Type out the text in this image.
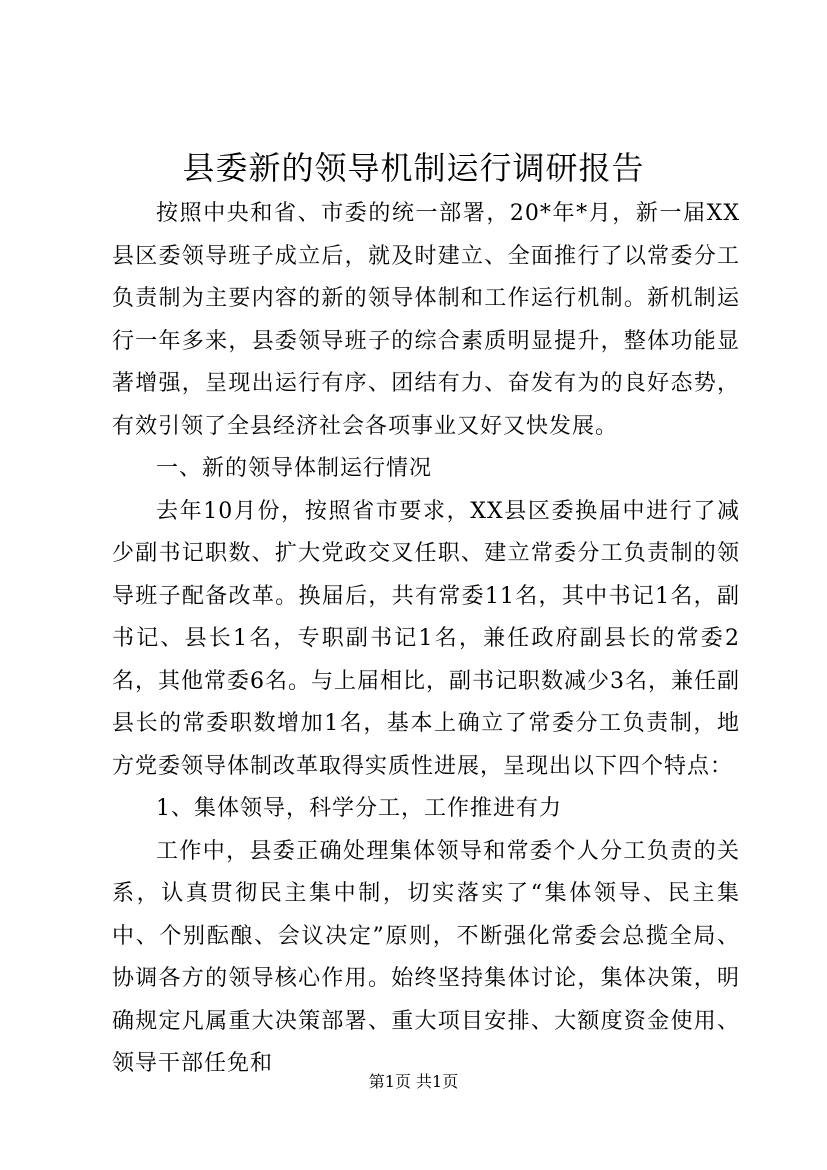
县委新的领导机制运行调研报告

按照中央和省、市委的统一部署，20*年*月，新一届XX县区委领导班子成立后，就及时建立、全面推行了以常委分工负责制为主要内容的新的领导体制和工作运行机制。新机制运行一年多来，县委领导班子的综合素质明显提升，整体功能显著增强，呈现出运行有序、团结有力、奋发有为的良好态势，有效引领了全县经济社会各项事业又好又快发展。

一、新的领导体制运行情况

去年10月份，按照省市要求，XX县区委换届中进行了减少副书记职数、扩大党政交叉任职、建立常委分工负责制的领导班子配备改革。换届后，共有常委11名，其中书记1名，副书记、县长1名，专职副书记1名，兼任政府副县长的常委2名，其他常委6名。与上届相比，副书记职数减少3名，兼任副县长的常委职数增加1名，基本上确立了常委分工负责制，地方党委领导体制改革取得实质性进展，呈现出以下四个特点：

1、集体领导，科学分工，工作推进有力

工作中，县委正确处理集体领导和常委个人分工负责的关系，认真贯彻民主集中制，切实落实了“集体领导、民主集中、个别酝酿、会议决定”原则，不断强化常委会总揽全局、协调各方的领导核心作用。始终坚持集体讨论，集体决策，明确规定凡属重大决策部署、重大项目安排、大额度资金使用、领导干部任免和

第1页 共1页
